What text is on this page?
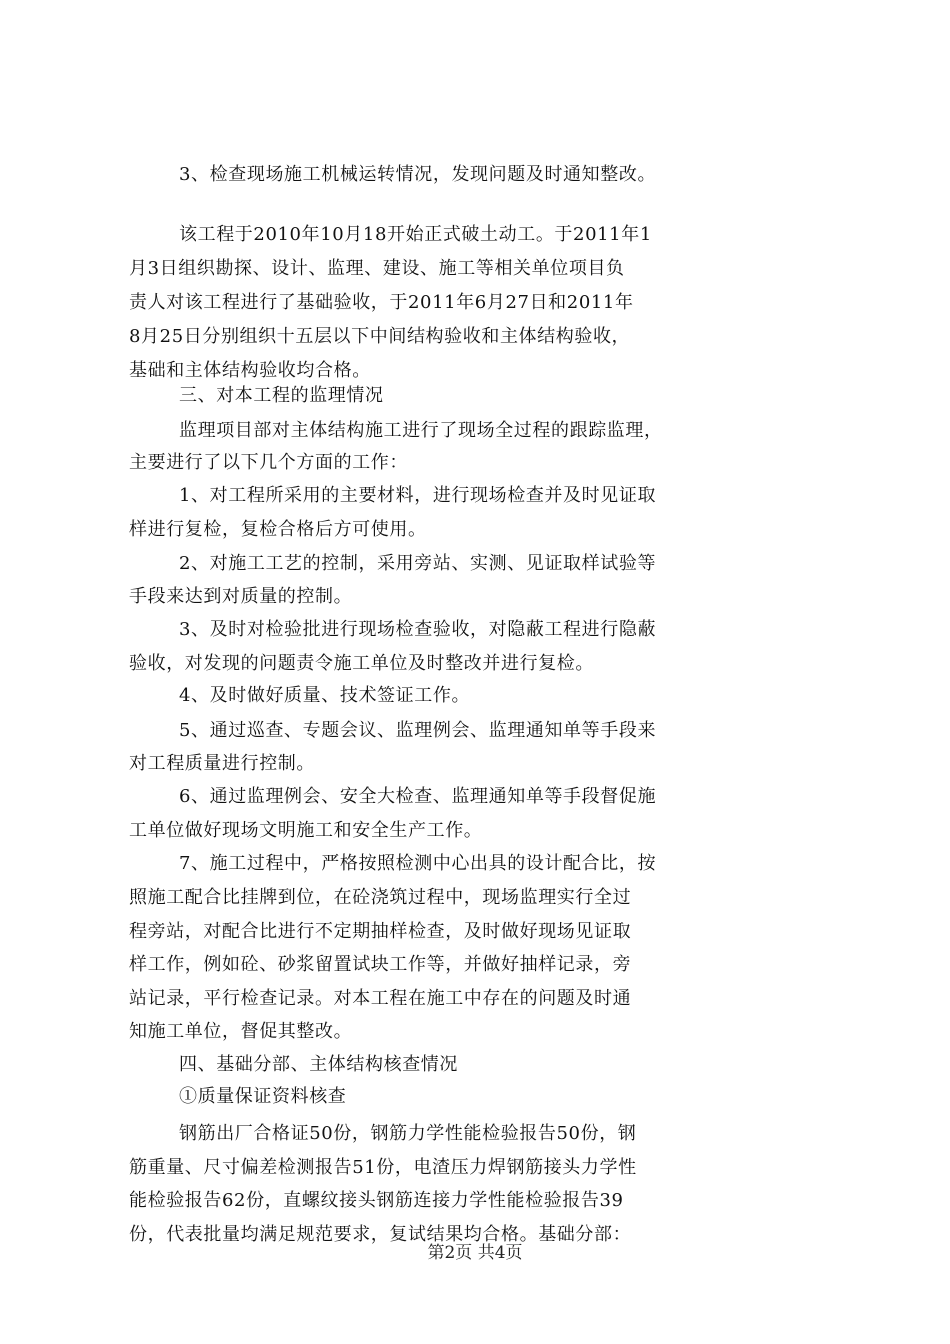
3、检查现场施工机械运转情况，发现问题及时通知整改。
该工程于2010年10月18开始正式破土动工。于2011年1
月3日组织勘探、设计、监理、建设、施工等相关单位项目负
责人对该工程进行了基础验收，于2011年6月27日和2011年
8月25日分别组织十五层以下中间结构验收和主体结构验收，
基础和主体结构验收均合格。
三、对本工程的监理情况
监理项目部对主体结构施工进行了现场全过程的跟踪监理，
主要进行了以下几个方面的工作：
1、对工程所采用的主要材料，进行现场检查并及时见证取
样进行复检，复检合格后方可使用。
2、对施工工艺的控制，采用旁站、实测、见证取样试验等
手段来达到对质量的控制。
3、及时对检验批进行现场检查验收，对隐蔽工程进行隐蔽
验收，对发现的问题责令施工单位及时整改并进行复检。
4、及时做好质量、技术签证工作。
5、通过巡查、专题会议、监理例会、监理通知单等手段来
对工程质量进行控制。
6、通过监理例会、安全大检查、监理通知单等手段督促施
工单位做好现场文明施工和安全生产工作。
7、施工过程中，严格按照检测中心出具的设计配合比，按
照施工配合比挂牌到位，在砼浇筑过程中，现场监理实行全过
程旁站，对配合比进行不定期抽样检查，及时做好现场见证取
样工作，例如砼、砂浆留置试块工作等，并做好抽样记录，旁
站记录，平行检查记录。对本工程在施工中存在的问题及时通
知施工单位，督促其整改。
四、基础分部、主体结构核查情况
①质量保证资料核查
钢筋出厂合格证50份，钢筋力学性能检验报告50份，钢
筋重量、尺寸偏差检测报告51份，电渣压力焊钢筋接头力学性
能检验报告62份，直螺纹接头钢筋连接力学性能检验报告39
份，代表批量均满足规范要求，复试结果均合格。基础分部：
第2页 共4页
